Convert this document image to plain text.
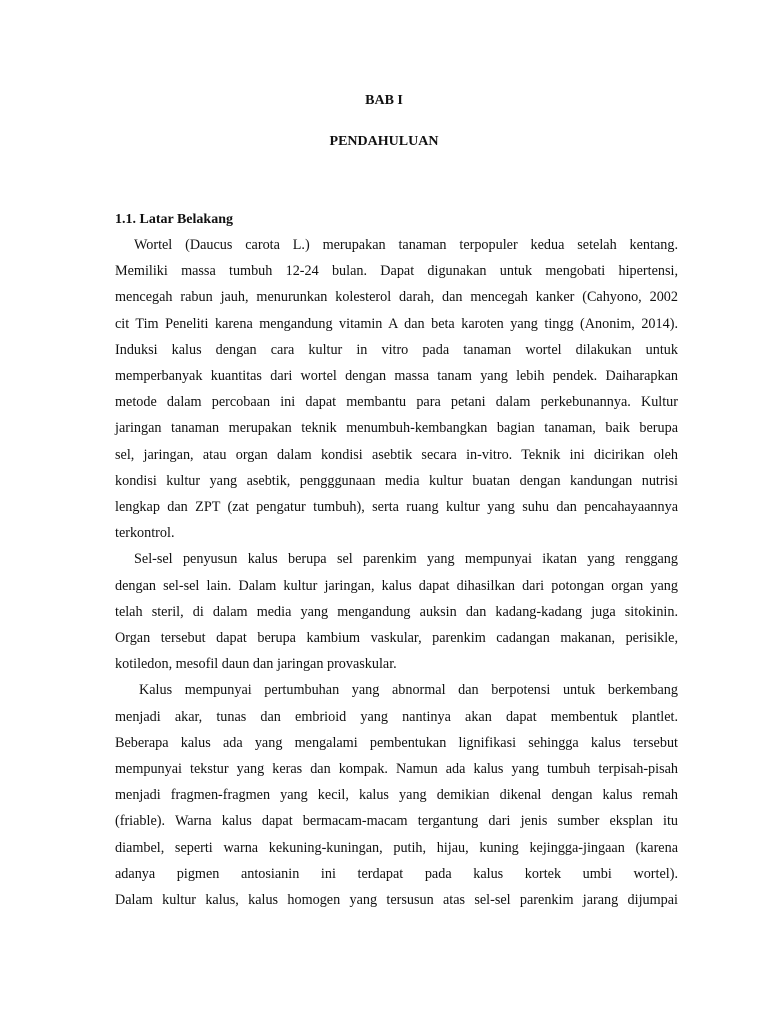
BAB I
PENDAHULUAN
1.1. Latar Belakang
Wortel (Daucus carota L.) merupakan tanaman terpopuler kedua setelah kentang.
Memiliki massa tumbuh 12-24 bulan. Dapat digunakan untuk mengobati hipertensi,
mencegah rabun jauh, menurunkan kolesterol darah, dan mencegah kanker (Cahyono, 2002
cit Tim Peneliti karena mengandung vitamin A dan beta karoten yang tingg (Anonim, 2014).
Induksi kalus dengan cara kultur in vitro pada tanaman wortel dilakukan untuk
memperbanyak kuantitas dari wortel dengan massa tanam yang lebih pendek. Daiharapkan
metode dalam percobaan ini dapat membantu para petani dalam perkebunannya. Kultur
jaringan tanaman merupakan teknik menumbuh-kembangkan bagian tanaman, baik berupa
sel, jaringan, atau organ dalam kondisi asebtik secara in-vitro. Teknik ini dicirikan oleh
kondisi kultur yang asebtik, pengggunaan media kultur buatan dengan kandungan nutrisi
lengkap dan ZPT (zat pengatur tumbuh), serta ruang kultur yang suhu dan pencahayaannya
terkontrol.
Sel-sel penyusun kalus berupa sel parenkim yang mempunyai ikatan yang renggang
dengan sel-sel lain. Dalam kultur jaringan, kalus dapat dihasilkan dari potongan organ yang
telah steril, di dalam media yang mengandung auksin dan kadang-kadang juga sitokinin.
Organ tersebut dapat berupa kambium vaskular, parenkim cadangan makanan, perisikle,
kotiledon, mesofil daun dan jaringan provaskular.
Kalus mempunyai pertumbuhan yang abnormal dan berpotensi untuk berkembang
menjadi akar, tunas dan embrioid yang nantinya akan dapat membentuk plantlet.
Beberapa kalus ada yang mengalami pembentukan lignifikasi sehingga kalus tersebut
mempunyai tekstur yang keras dan kompak. Namun ada kalus yang tumbuh terpisah-pisah
menjadi fragmen-fragmen yang kecil, kalus yang demikian dikenal dengan kalus remah
(friable). Warna kalus dapat bermacam-macam tergantung dari jenis sumber eksplan itu
diambel, seperti warna kekuning-kuningan, putih, hijau, kuning kejingga-jingaan (karena
adanya pigmen antosianin ini terdapat pada kalus kortek umbi wortel).
Dalam kultur kalus, kalus homogen yang tersusun atas sel-sel parenkim jarang dijumpai
